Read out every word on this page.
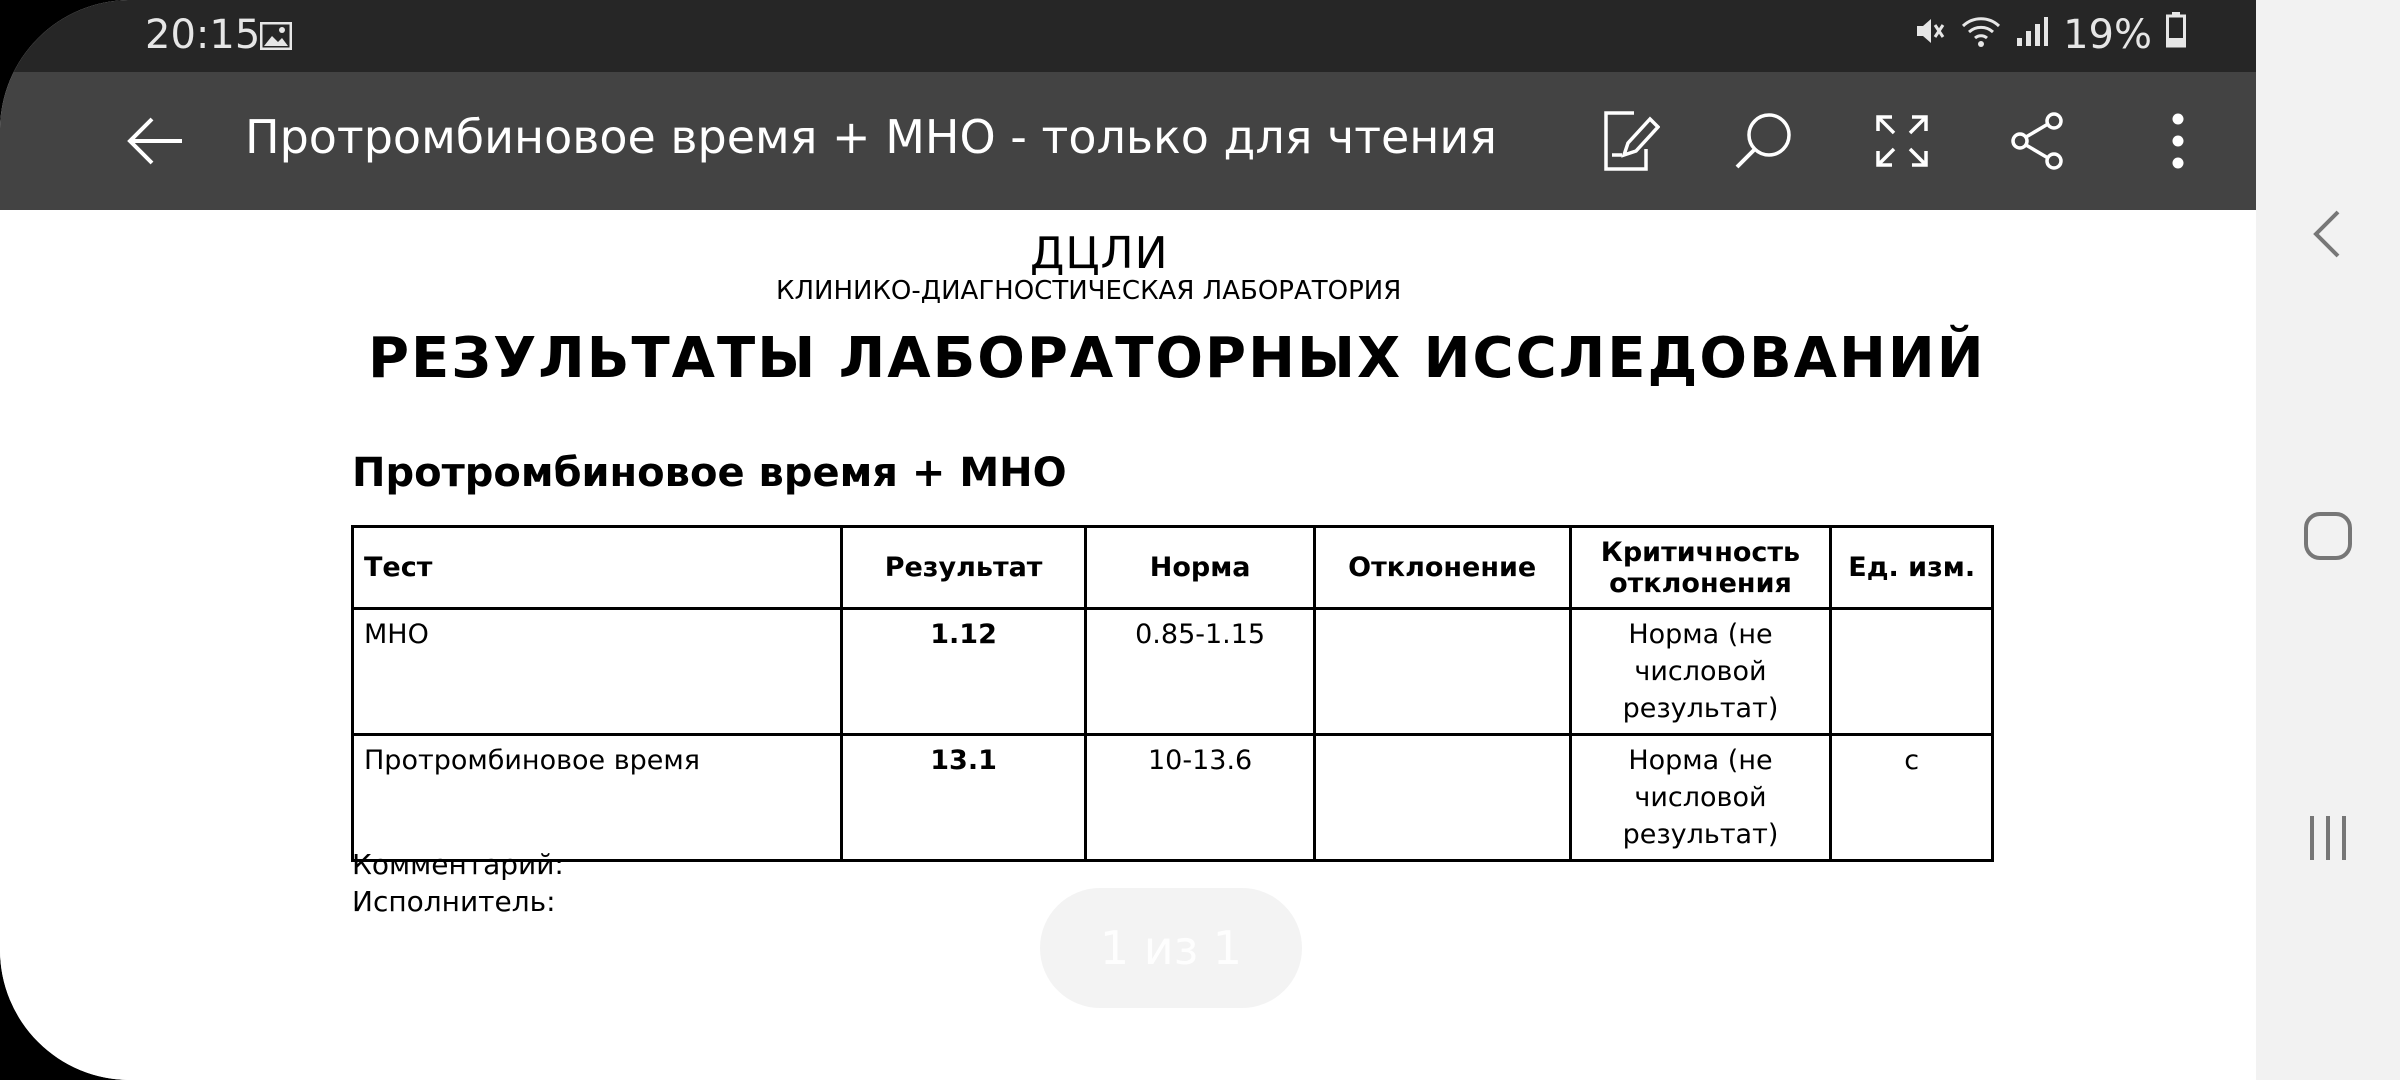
20:15	19%
Протромбиновое время + МНО - только для чтения
ДЦЛИ
КЛИНИКО-ДИАГНОСТИЧЕСКАЯ ЛАБОРАТОРИЯ
РЕЗУЛЬТАТЫ ЛАБОРАТОРНЫХ ИССЛЕДОВАНИЙ
Протромбиновое время + МНО
Тест	Результат	Норма	Отклонение	Критичность отклонения	Ед. изм.
МНО	1.12	0.85-1.15		Норма (не числовой результат)	
Протромбиновое время	13.1	10-13.6		Норма (не числовой результат)	с
Комментарий:
Исполнитель:
1 из 1
